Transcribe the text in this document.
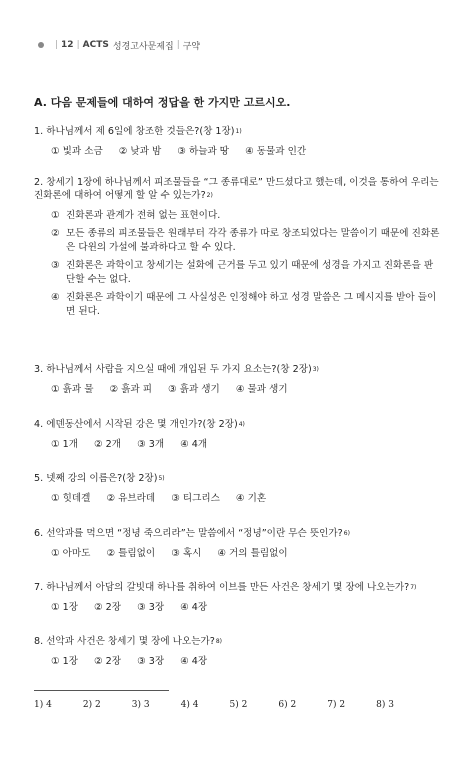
| 12 | ACTS 성경고사문제집 | 구약
A. 다음 문제들에 대하여 정답을 한 가지만 고르시오.
1. 하나님께서 제 6일에 창조한 것들은?(창 1장)$^{1)}$
① 빛과 소금 ② 낮과 밤 ③ 하늘과 땅 ④ 동물과 인간
2. 창세기 1장에 하나님께서 피조물들을 “그 종류대로” 만드셨다고 했는데, 이것을 통하여 우리는 진화론에 대하여 어떻게 할 알 수 있는가?$^{2)}$
① 진화론과 관계가 전혀 없는 표현이다.
② 모든 종류의 피조물들은 원래부터 각각 종류가 따로 창조되었다는 말씀이기 때문에 진화론은 다윈의 가설에 불과하다고 할 수 있다.
③ 진화론은 과학이고 창세기는 설화에 근거를 두고 있기 때문에 성경을 가지고 진화론을 판단할 수는 없다.
④ 진화론은 과학이기 때문에 그 사실성은 인정해야 하고 성경 말씀은 그 메시지를 받아 들이면 된다.
3. 하나님께서 사람을 지으실 때에 개입된 두 가지 요소는?(창 2장)$^{3)}$
① 흙과 물 ② 흙과 피 ③ 흙과 생기 ④ 물과 생기
4. 에덴동산에서 시작된 강은 몇 개인가?(창 2장)$^{4)}$
① 1개 ② 2개 ③ 3개 ④ 4개
5. 넷째 강의 이름은?(창 2장)$^{5)}$
① 힛데겔 ② 유브라데 ③ 티그리스 ④ 기혼
6. 선악과를 먹으면 “정녕 죽으리라”는 말씀에서 “정녕”이란 무슨 뜻인가?$^{6)}$
① 아마도 ② 틀림없이 ③ 혹시 ④ 거의 틀림없이
7. 하나님께서 아담의 갈빗대 하나를 취하여 이브를 만든 사건은 창세기 몇 장에 나오는가?$^{7)}$
① 1장 ② 2장 ③ 3장 ④ 4장
8. 선악과 사건은 창세기 몇 장에 나오는가?$^{8)}$
① 1장 ② 2장 ③ 3장 ④ 4장
1) 4	2) 2	3) 3	4) 4	5) 2	6) 2	7) 2	8) 3
